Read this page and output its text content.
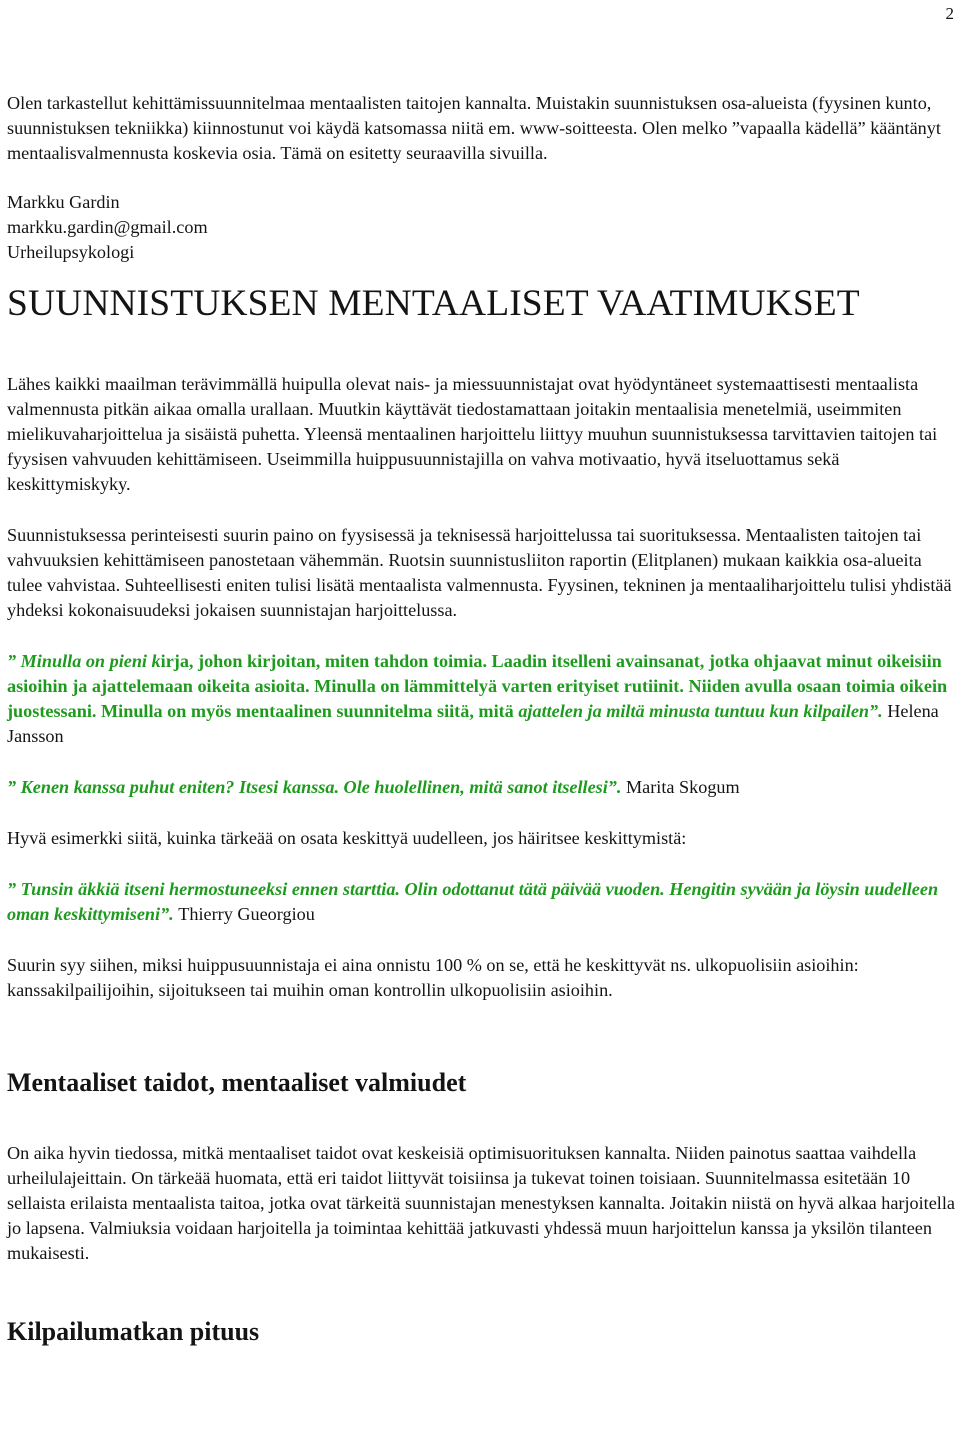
2

Olen tarkastellut kehittämissuunnitelmaa mentaalisten taitojen kannalta. Muistakin suunnistuksen osa-alueista (fyysinen kunto, suunnistuksen tekniikka) kiinnostunut voi käydä katsomassa niitä em. www-soitteesta. Olen melko ”vapaalla kädellä” kääntänyt mentaalisvalmennusta koskevia osia. Tämä on esitetty seuraavilla sivuilla.

Markku Gardin

markku.gardin@gmail.com

Urheilupsykologi

SUUNNISTUKSEN MENTAALISET VAATIMUKSET

Lähes kaikki maailman terävimmällä huipulla olevat nais- ja miessuunnistajat ovat hyödyntäneet systemaattisesti mentaalista valmennusta pitkän aikaa omalla urallaan. Muutkin käyttävät tiedostamattaan joitakin mentaalisia menetelmiä, useimmiten mielikuvaharjoittelua ja sisäistä puhetta. Yleensä mentaalinen harjoittelu liittyy muuhun suunnistuksessa tarvittavien taitojen tai fyysisen vahvuuden kehittämiseen. Useimmilla huippusuunnistajilla on vahva motivaatio, hyvä itseluottamus sekä keskittymiskyky.

Suunnistuksessa perinteisesti suurin paino on fyysisessä ja teknisessä harjoittelussa tai suorituksessa. Mentaalisten taitojen tai vahvuuksien kehittämiseen panostetaan vähemmän. Ruotsin suunnistusliiton raportin (Elitplanen) mukaan kaikkia osa-alueita tulee vahvistaa. Suhteellisesti eniten tulisi lisätä mentaalista valmennusta. Fyysinen, tekninen ja mentaaliharjoittelu tulisi yhdistää yhdeksi kokonaisuudeksi jokaisen suunnistajan harjoittelussa.

” Minulla on pieni kirja, johon kirjoitan, miten tahdon toimia. Laadin itselleni avainsanat, jotka ohjaavat minut oikeisiin asioihin ja ajattelemaan oikeita asioita. Minulla on lämmittelyä varten erityiset rutiinit. Niiden avulla osaan toimia oikein juostessani. Minulla on myös mentaalinen suunnitelma siitä, mitä ajattelen ja miltä minusta tuntuu kun kilpailen”. Helena Jansson

” Kenen kanssa puhut eniten? Itsesi kanssa. Ole huolellinen, mitä sanot itsellesi”. Marita Skogum

Hyvä esimerkki siitä, kuinka tärkeää on osata keskittyä uudelleen, jos häiritsee keskittymistä:

” Tunsin äkkiä itseni hermostuneeksi ennen starttia. Olin odottanut tätä päivää vuoden. Hengitin syvään ja löysin uudelleen oman keskittymiseni”. Thierry Gueorgiou

Suurin syy siihen, miksi huippusuunnistaja ei aina onnistu 100 % on se, että he keskittyvät ns. ulkopuolisiin asioihin: kanssakilpailijoihin, sijoitukseen tai muihin oman kontrollin ulkopuolisiin asioihin.

Mentaaliset taidot, mentaaliset valmiudet

On aika hyvin tiedossa, mitkä mentaaliset taidot ovat keskeisiä optimisuorituksen kannalta. Niiden painotus saattaa vaihdella urheilulajeittain. On tärkeää huomata, että eri taidot liittyvät toisiinsa ja tukevat toinen toisiaan. Suunnitelmassa esitetään 10 sellaista erilaista mentaalista taitoa, jotka ovat tärkeitä suunnistajan menestyksen kannalta. Joitakin niistä on hyvä alkaa harjoitella jo lapsena. Valmiuksia voidaan harjoitella ja toimintaa kehittää jatkuvasti yhdessä muun harjoittelun kanssa ja yksilön tilanteen mukaisesti.

Kilpailumatkan pituus
